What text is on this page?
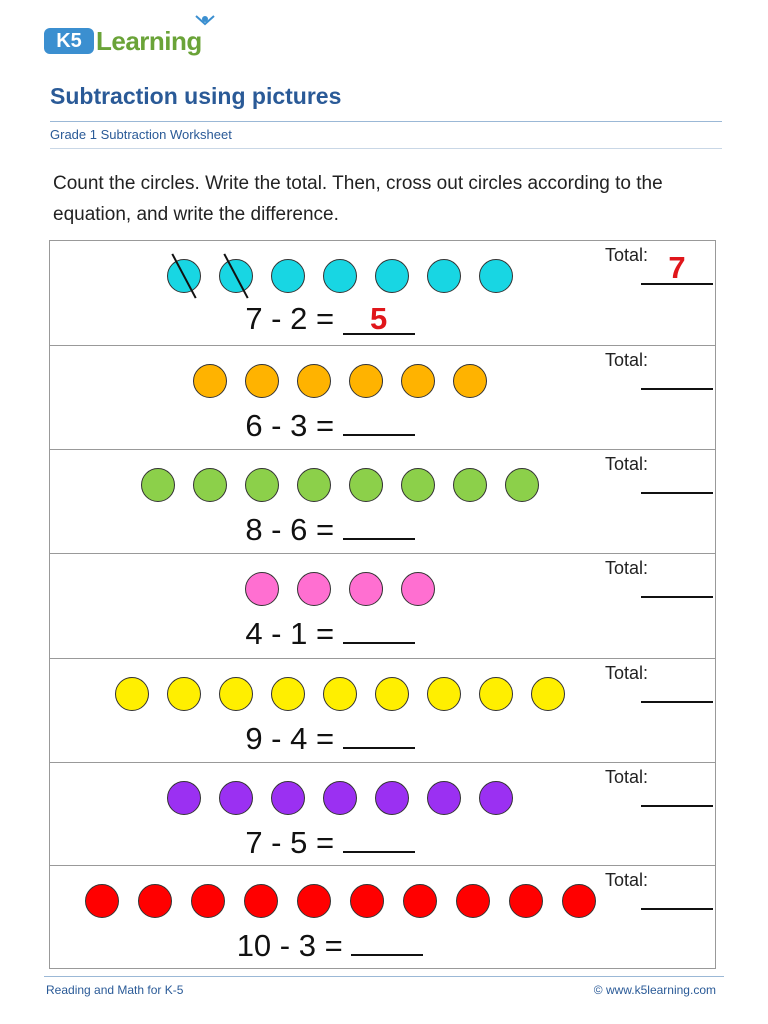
K5 Learning
Subtraction using pictures
Grade 1 Subtraction Worksheet
Count the circles. Write the total. Then, cross out circles according to the equation, and write the difference.
7 - 2 = 5
Total: 7
6 - 3 =
Total:
8 - 6 =
Total:
4 - 1 =
Total:
9 - 4 =
Total:
7 - 5 =
Total:
10 - 3 =
Total:
Reading and Math for K-5	© www.k5learning.com
